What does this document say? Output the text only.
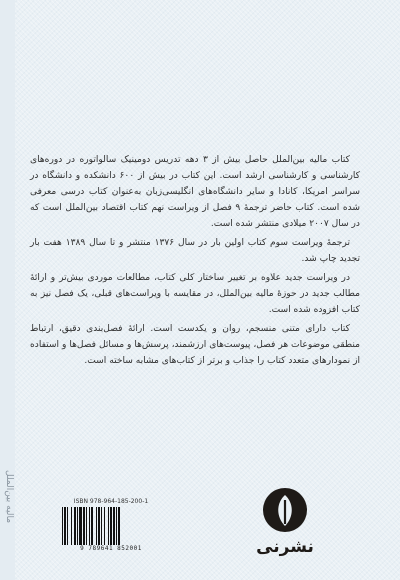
مالیه بین‌الملل

کتاب مالیه بین‌الملل حاصل بیش از ۳ دهه تدریس دومینیک سالواتوره در دوره‌های کارشناسی و کارشناسی ارشد است. این کتاب در بیش از ۶۰۰ دانشکده و دانشگاه در سراسر امریکا، کانادا و سایر دانشگاه‌های انگلیسی‌زبان به‌عنوان کتاب درسی معرفی شده است. کتاب حاضر ترجمهٔ ۹ فصل از ویراست نهم کتاب اقتصاد بین‌الملل است که در سال ۲۰۰۷ میلادی منتشر شده است.

ترجمهٔ ویراست سوم کتاب اولین بار در سال ۱۳۷۶ منتشر و تا سال ۱۳۸۹ هفت بار تجدید چاپ شد.

در ویراست جدید علاوه بر تغییر ساختار کلی کتاب، مطالعات موردی بیش‌تر و ارائهٔ مطالب جدید در حوزهٔ مالیه بین‌الملل، در مقایسه با ویراست‌های قبلی، یک فصل نیز به کتاب افزوده شده است.

کتاب دارای متنی منسجم، روان و یکدست است. ارائهٔ فصل‌بندی دقیق، ارتباط منطقی موضوعات هر فصل، پیوست‌های ارزشمند، پرسش‌ها و مسائل فصل‌ها و استفاده از نمودارهای متعدد کتاب را جذاب و برتر از کتاب‌های مشابه ساخته است.

ISBN 978-964-185-200-1
9 789641 852001	نشرنی
